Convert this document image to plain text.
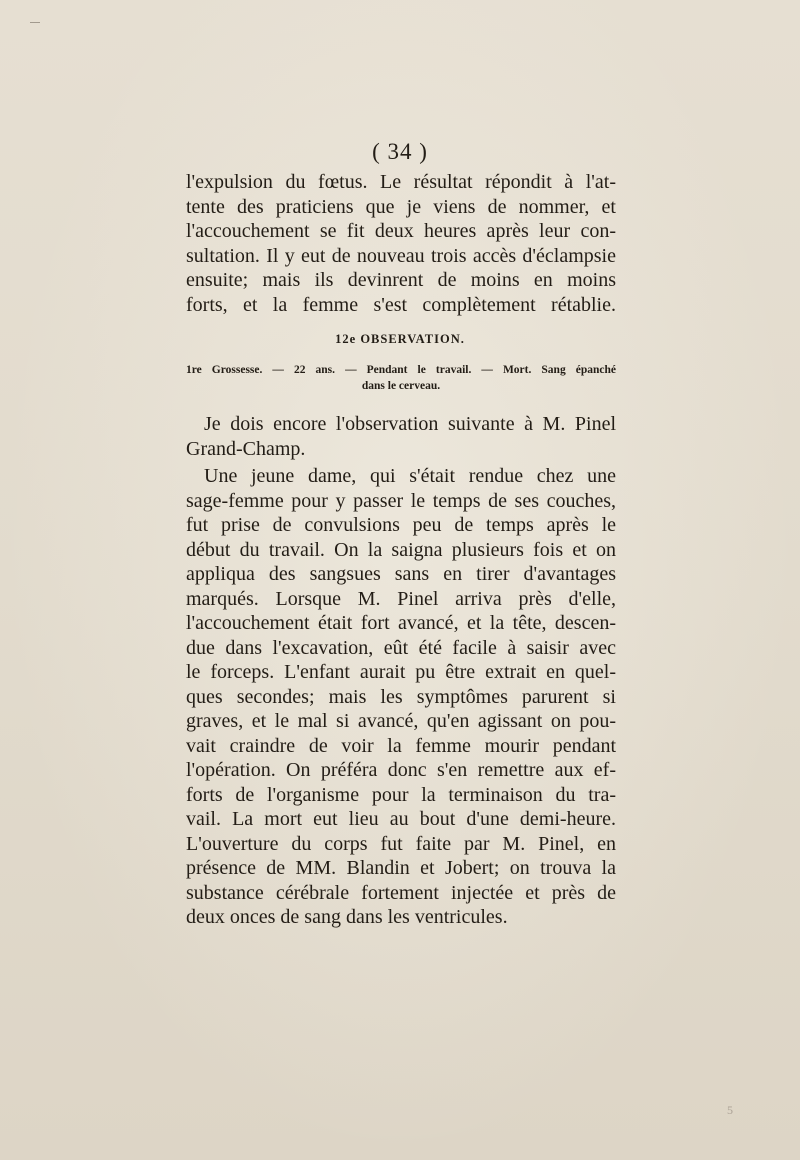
( 34 )
l'expulsion du fœtus. Le résultat répondit à l'at-
tente des praticiens que je viens de nommer, et
l'accouchement se fit deux heures après leur con-
sultation. Il y eut de nouveau trois accès d'éclampsie
ensuite; mais ils devinrent de moins en moins
forts, et la femme s'est complètement rétablie.
12e OBSERVATION.
1re Grossesse. — 22 ans. — Pendant le travail. — Mort. Sang épanché
dans le cerveau.
Je dois encore l'observation suivante à M. Pinel
Grand-Champ.
Une jeune dame, qui s'était rendue chez une
sage-femme pour y passer le temps de ses couches,
fut prise de convulsions peu de temps après le
début du travail. On la saigna plusieurs fois et on
appliqua des sangsues sans en tirer d'avantages
marqués. Lorsque M. Pinel arriva près d'elle,
l'accouchement était fort avancé, et la tête, descen-
due dans l'excavation, eût été facile à saisir avec
le forceps. L'enfant aurait pu être extrait en quel-
ques secondes; mais les symptômes parurent si
graves, et le mal si avancé, qu'en agissant on pou-
vait craindre de voir la femme mourir pendant
l'opération. On préféra donc s'en remettre aux ef-
forts de l'organisme pour la terminaison du tra-
vail. La mort eut lieu au bout d'une demi-heure.
L'ouverture du corps fut faite par M. Pinel, en
présence de MM. Blandin et Jobert; on trouva la
substance cérébrale fortement injectée et près de
deux onces de sang dans les ventricules.
5
